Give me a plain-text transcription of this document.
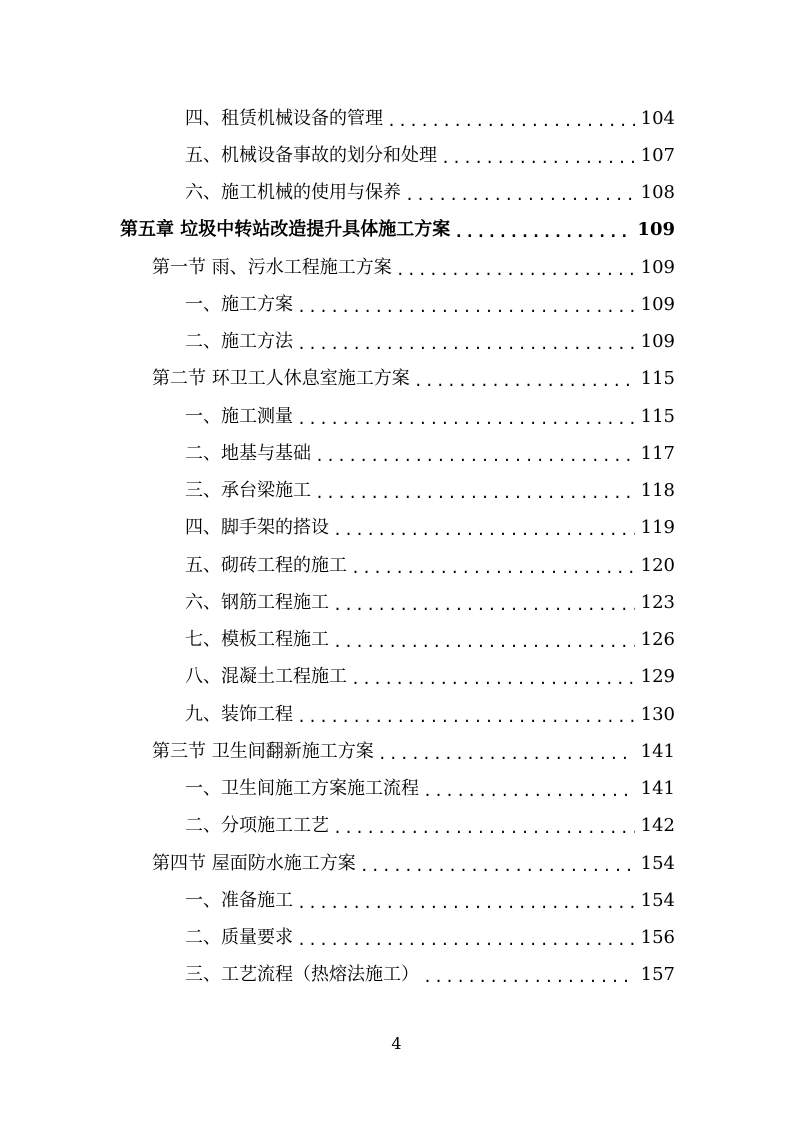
四、租赁机械设备的管理 .....	104
五、机械设备事故的划分和处理 .....	107
六、施工机械的使用与保养 .....	108
第五章 垃圾中转站改造提升具体施工方案 .....	109
第一节 雨、污水工程施工方案 .....	109
一、施工方案 .....	109
二、施工方法 .....	109
第二节 环卫工人休息室施工方案 .....	115
一、施工测量 .....	115
二、地基与基础 .....	117
三、承台梁施工 .....	118
四、脚手架的搭设 .....	119
五、砌砖工程的施工 .....	120
六、钢筋工程施工 .....	123
七、模板工程施工 .....	126
八、混凝土工程施工 .....	129
九、装饰工程 .....	130
第三节 卫生间翻新施工方案 .....	141
一、卫生间施工方案施工流程 .....	141
二、分项施工工艺 .....	142
第四节 屋面防水施工方案 .....	154
一、准备施工 .....	154
二、质量要求 .....	156
三、工艺流程（热熔法施工） .....	157
4
